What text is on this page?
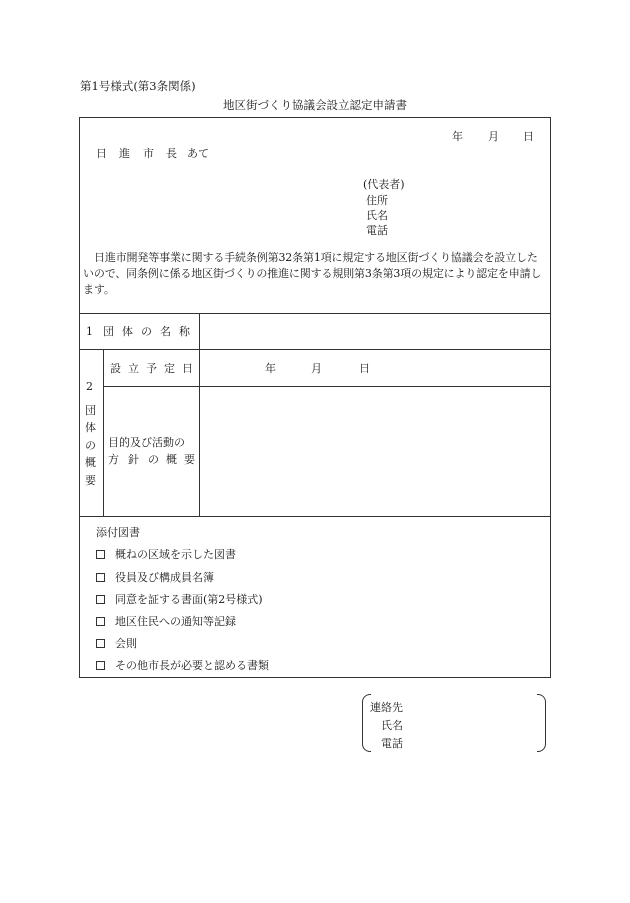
第1号様式(第3条関係)
地区街づくり協議会設立認定申請書
年 月 日
日 進 市 長 あて
(代表者)
住所
氏名
電話
日進市開発等事業に関する手続条例第32条第1項に規定する地区街づくり協議会を設立したいので、同条例に係る地区街づくりの推進に関する規則第3条第3項の規定により認定を申請します。
1 団 体 の 名 称
2
団
体
の
概
要
設 立 予 定 日	年	月	日
目的及び活動の
方 針 の 概 要
添付図書
概ねの区域を示した図書
役員及び構成員名簿
同意を証する書面(第2号様式)
地区住民への通知等記録
会則
その他市長が必要と認める書類
連絡先
氏名
電話
